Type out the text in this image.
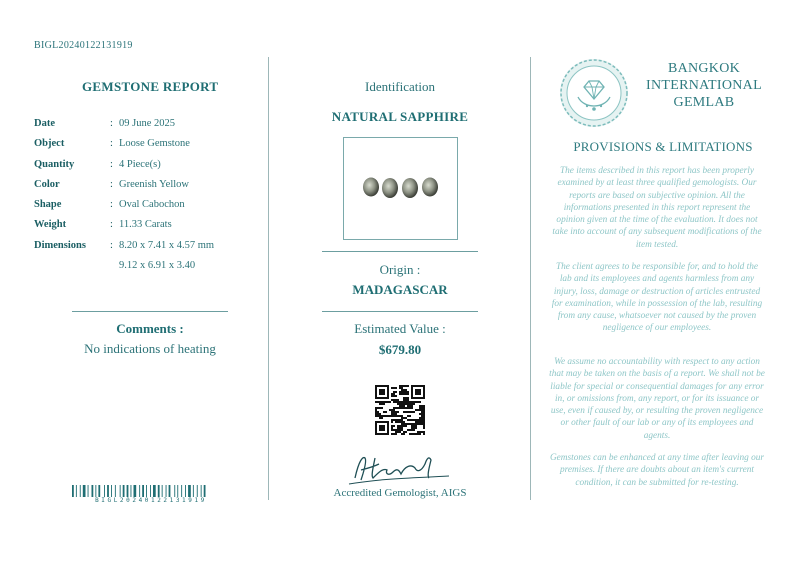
BIGL20240122131919
GEMSTONE REPORT
Date	: 09 June 2025
Object	: Loose Gemstone
Quantity	: 4 Piece(s)
Color	: Greenish Yellow
Shape	: Oval Cabochon
Weight	: 11.33 Carats
Dimensions : 8.20 x 7.41 x 4.57 mm
9.12 x 6.91 x 3.40
Comments :
No indications of heating
BIGL20240122131919
Identification
NATURAL SAPPHIRE
Origin :
MADAGASCAR
Estimated Value :
$679.80
Accredited Gemologist, AIGS
BANGKOK
INTERNATIONAL
GEMLAB
PROVISIONS & LIMITATIONS
The items described in this report has been properly examined by at least three qualified gemologists. Our reports are based on subjective opinion. All the informations presented in this report represent the opinion given at the time of the evaluation. It does not take into account of any subsequent modifications of the item tested.
The client agrees to be responsible for, and to hold the lab and its employees and agents harmless from any injury, loss, damage or destruction of articles entrusted for examination, while in possession of the lab, resulting from any cause, whatsoever not caused by the proven negligence of our employees.
We assume no accountability with respect to any action that may be taken on the basis of a report. We shall not be liable for special or consequential damages for any error in, or omissions from, any report, or for its issuance or use, even if caused by, or resulting the proven negligence or other fault of our lab or any of its employees and agents.
Gemstones can be enhanced at any time after leaving our premises. If there are doubts about an item's current condition, it can be submitted for re-testing.
